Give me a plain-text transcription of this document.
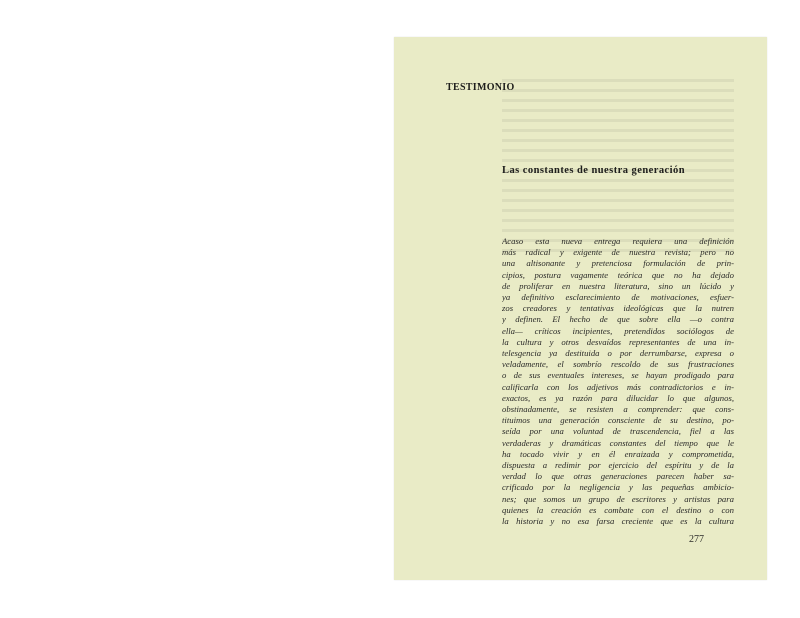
TESTIMONIO
Las constantes de nuestra generación
Acaso esta nueva entrega requiera una definición
más radical y exigente de nuestra revista; pero no
una altisonante y pretenciosa formulación de prin-
cipios, postura vagamente teórica que no ha dejado
de proliferar en nuestra literatura, sino un lúcido y
ya definitivo esclarecimiento de motivaciones, esfuer-
zos creadores y tentativas ideológicas que la nutren
y definen. El hecho de que sobre ella —o contra
ella— críticos incipientes, pretendidos sociólogos de
la cultura y otros desvaídos representantes de una in-
telesgencia ya destituida o por derrumbarse, expresa o
veladamente, el sombrío rescoldo de sus frustraciones
o de sus eventuales intereses, se hayan prodigado para
calificarla con los adjetivos más contradictorios e in-
exactos, es ya razón para dilucidar lo que algunos,
obstinadamente, se resisten a comprender: que cons-
tituimos una generación consciente de su destino, po-
seída por una voluntad de trascendencia, fiel a las
verdaderas y dramáticas constantes del tiempo que le
ha tocado vivir y en él enraizada y comprometida,
dispuesta a redimir por ejercicio del espíritu y de la
verdad lo que otras generaciones parecen haber sa-
crificado por la negligencia y las pequeñas ambicio-
nes; que somos un grupo de escritores y artistas para
quienes la creación es combate con el destino o con
la historia y no esa farsa creciente que es la cultura
277
